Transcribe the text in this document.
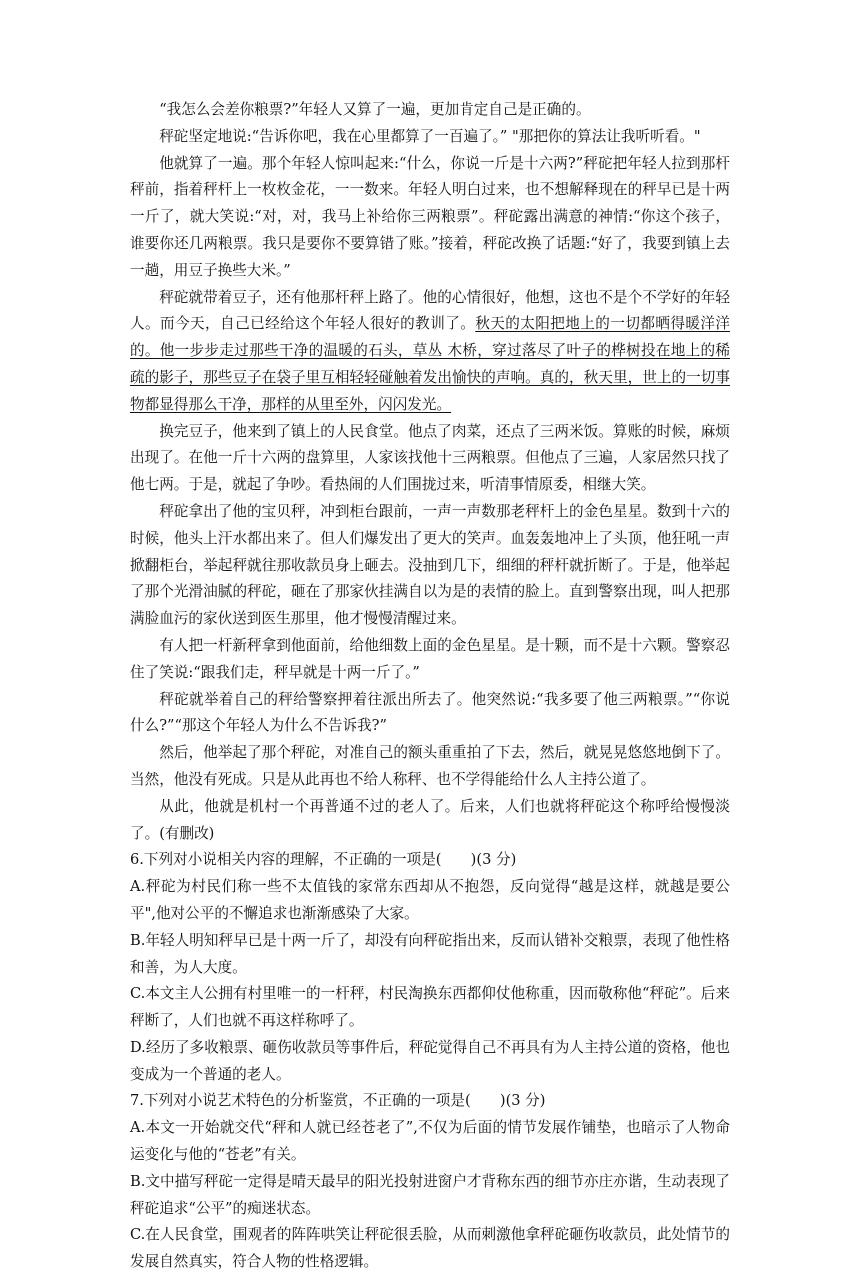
“我怎么会差你粮票?”年轻人又算了一遍，更加肯定自己是正确的。

秤砣坚定地说:“告诉你吧，我在心里都算了一百遍了。” "那把你的算法让我听听看。"

他就算了一遍。那个年轻人惊叫起来:“什么，你说一斤是十六两?”秤砣把年轻人拉到那杆秤前，指着秤杆上一枚枚金花，一一数来。年轻人明白过来，也不想解释现在的秤早已是十两一斤了，就大笑说:“对，对，我马上补给你三两粮票”。秤砣露出满意的神情:“你这个孩子，谁要你还几两粮票。我只是要你不要算错了账。”接着，秤砣改换了话题:“好了，我要到镇上去一趟，用豆子换些大米。”

秤砣就带着豆子，还有他那杆秤上路了。他的心情很好，他想，这也不是个不学好的年轻人。而今天，自己已经给这个年轻人很好的教训了。秋天的太阳把地上的一切都晒得暖洋洋的。他一步步走过那些干净的温暖的石头，草丛 木桥，穿过落尽了叶子的桦树投在地上的稀疏的影子，那些豆子在袋子里互相轻轻碰触着发出愉快的声响。真的，秋天里，世上的一切事物都显得那么干净，那样的从里至外，闪闪发光。

换完豆子，他来到了镇上的人民食堂。他点了肉菜，还点了三两米饭。算账的时候，麻烦出现了。在他一斤十六两的盘算里，人家该找他十三两粮票。但他点了三遍，人家居然只找了他七两。于是，就起了争吵。看热闹的人们围拢过来，听清事情原委，相继大笑。

秤砣拿出了他的宝贝秤，冲到柜台跟前，一声一声数那老秤杆上的金色星星。数到十六的时候，他头上汗水都出来了。但人们爆发出了更大的笑声。血轰轰地冲上了头顶，他狂吼一声掀翻柜台，举起秤就往那收款员身上砸去。没抽到几下，细细的秤杆就折断了。于是，他举起了那个光滑油腻的秤砣，砸在了那家伙挂满自以为是的表情的脸上。直到警察出现，叫人把那满脸血污的家伙送到医生那里，他才慢慢清醒过来。

有人把一杆新秤拿到他面前，给他细数上面的金色星星。是十颗，而不是十六颗。警察忍住了笑说:“跟我们走，秤早就是十两一斤了。”

秤砣就举着自己的秤给警察押着往派出所去了。他突然说:“我多要了他三两粮票。”“你说什么?”“那这个年轻人为什么不告诉我?”

然后，他举起了那个秤砣，对准自己的额头重重拍了下去，然后，就晃晃悠悠地倒下了。当然，他没有死成。只是从此再也不给人称秤、也不学得能给什么人主持公道了。

从此，他就是机村一个再普通不过的老人了。后来，人们也就将秤砣这个称呼给慢慢淡了。(有删改)

6.下列对小说相关内容的理解，不正确的一项是(　　)(3 分)

A.秤砣为村民们称一些不太值钱的家常东西却从不抱怨，反向觉得“越是这样，就越是要公平",他对公平的不懈追求也渐渐感染了大家。

B.年轻人明知秤早已是十两一斤了，却没有向秤砣指出来，反而认错补交粮票，表现了他性格和善，为人大度。

C.本文主人公拥有村里唯一的一杆秤，村民淘换东西都仰仗他称重，因而敬称他“秤砣”。后来秤断了，人们也就不再这样称呼了。

D.经历了多收粮票、砸伤收款员等事件后，秤砣觉得自己不再具有为人主持公道的资格，他也变成为一个普通的老人。

7.下列对小说艺术特色的分析鉴赏，不正确的一项是(　　)(3 分)

A.本文一开始就交代“秤和人就已经苍老了”,不仅为后面的情节发展作铺垫，也暗示了人物命运变化与他的“苍老”有关。

B.文中描写秤砣一定得是晴天最早的阳光投射进窗户才背称东西的细节亦庄亦谐，生动表现了秤砣追求“公平”的痴迷状态。

C.在人民食堂，围观者的阵阵哄笑让秤砣很丢脸，从而刺激他拿秤砣砸伤收款员，此处情节的发展自然真实，符合人物的性格逻辑。
